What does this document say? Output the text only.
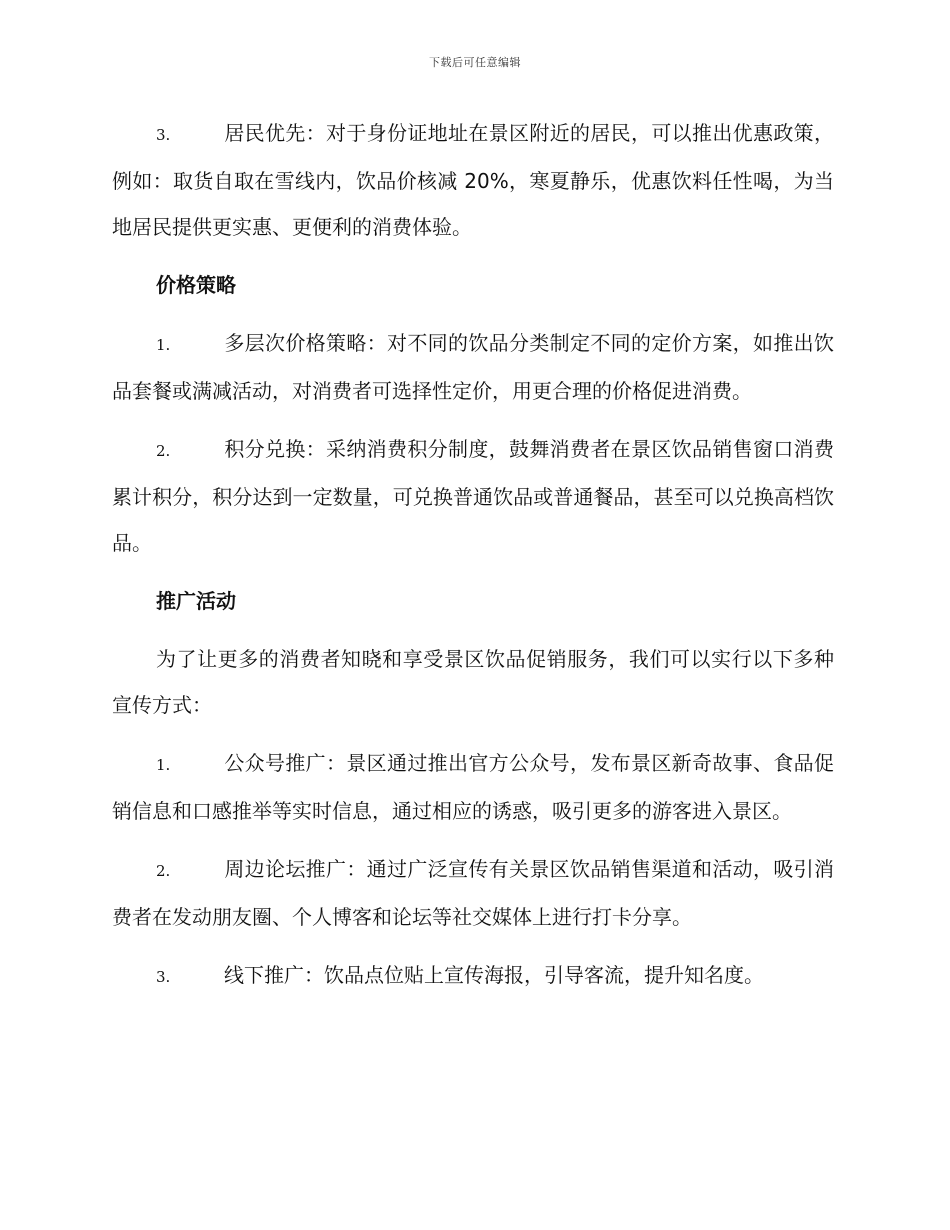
下载后可任意编辑

3.	居民优先：对于身份证地址在景区附近的居民，可以推出优惠政策，例如：取货自取在雪线内，饮品价核减 20%，寒夏静乐，优惠饮料任性喝，为当地居民提供更实惠、更便利的消费体验。

价格策略

1.	多层次价格策略：对不同的饮品分类制定不同的定价方案，如推出饮品套餐或满减活动，对消费者可选择性定价，用更合理的价格促进消费。

2.	积分兑换：采纳消费积分制度，鼓舞消费者在景区饮品销售窗口消费累计积分，积分达到一定数量，可兑换普通饮品或普通餐品，甚至可以兑换高档饮品。

推广活动

为了让更多的消费者知晓和享受景区饮品促销服务，我们可以实行以下多种宣传方式：

1.	公众号推广：景区通过推出官方公众号，发布景区新奇故事、食品促销信息和口感推举等实时信息，通过相应的诱惑，吸引更多的游客进入景区。

2.	周边论坛推广：通过广泛宣传有关景区饮品销售渠道和活动，吸引消费者在发动朋友圈、个人博客和论坛等社交媒体上进行打卡分享。

3.	线下推广：饮品点位贴上宣传海报，引导客流，提升知名度。
